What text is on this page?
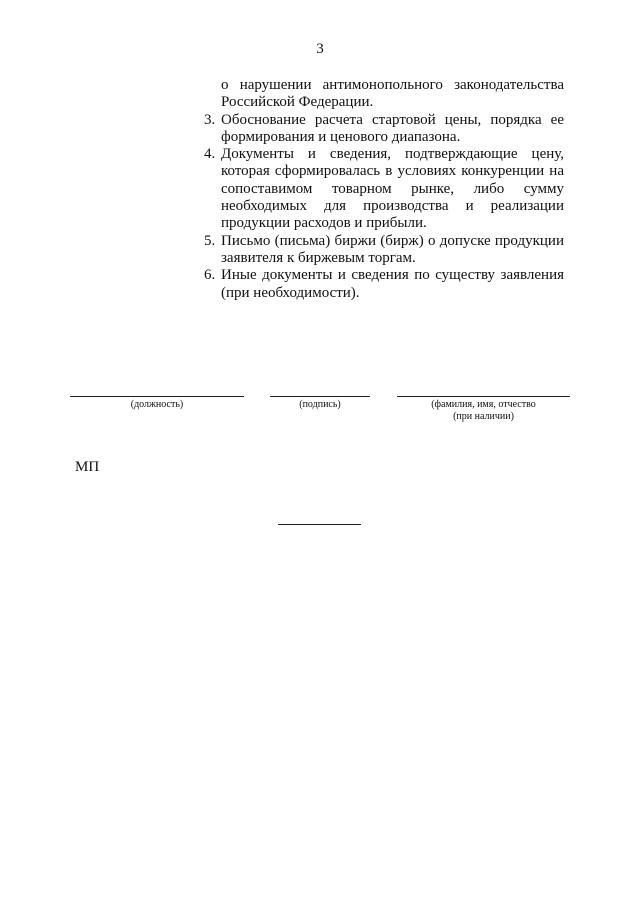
3
о нарушении антимонопольного законодательства Российской Федерации.
3. Обоснование расчета стартовой цены, порядка ее формирования и ценового диапазона.
4. Документы и сведения, подтверждающие цену, которая сформировалась в условиях конкуренции на сопоставимом товарном рынке, либо сумму необходимых для производства и реализации продукции расходов и прибыли.
5. Письмо (письма) биржи (бирж) о допуске продукции заявителя к биржевым торгам.
6. Иные документы и сведения по существу заявления (при необходимости).
(должность)	(подпись)	(фамилия, имя, отчество
(при наличии)
МП
